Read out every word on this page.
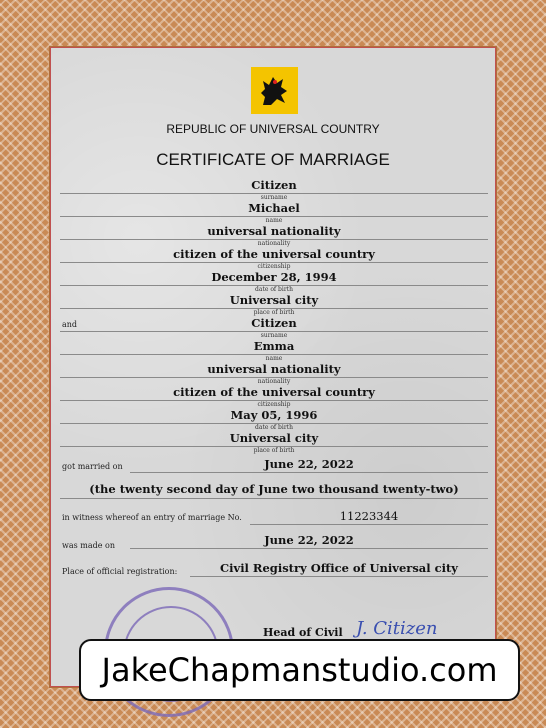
REPUBLIC OF UNIVERSAL COUNTRY
CERTIFICATE OF MARRIAGE
Citizen
surname
Michael
name
universal nationality
nationality
citizen of the universal country
citizenship
December 28, 1994
date of birth
Universal city
place of birth
and	Citizen
surname
Emma
name
universal nationality
nationality
citizen of the universal country
citizenship
May 05, 1996
date of birth
Universal city
place of birth
got married on	June 22, 2022
(the twenty second day of June two thousand twenty-two)
in witness whereof an entry of marriage No.	11223344
was made on	June 22, 2022
Place of official registration:	Civil Registry Office of Universal city
Head of Civil J. Citizen
JakeChapmanstudio.com
